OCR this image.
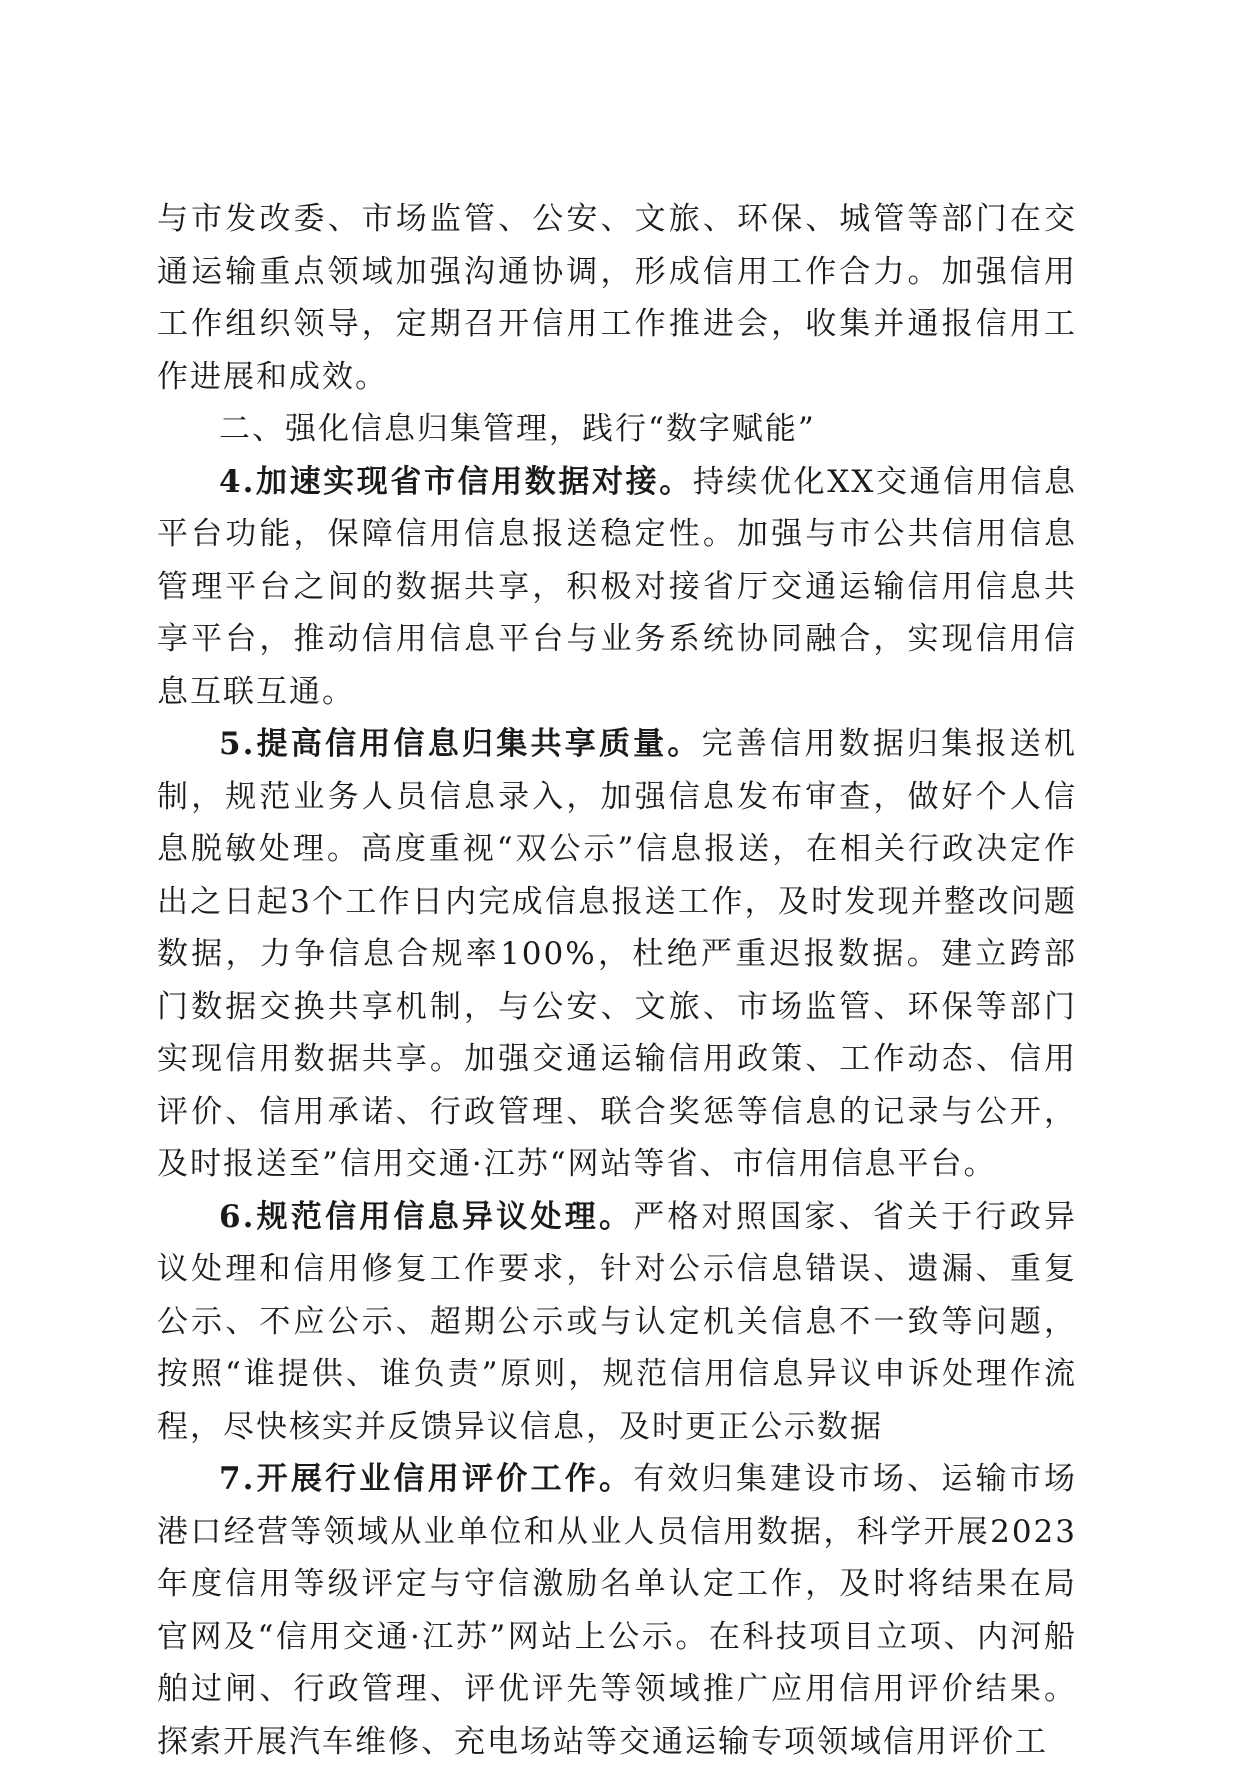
与市发改委、市场监管、公安、文旅、环保、城管等部门在交通运输重点领域加强沟通协调，形成信用工作合力。加强信用工作组织领导，定期召开信用工作推进会，收集并通报信用工作进展和成效。

二、强化信息归集管理，践行“数字赋能”

4.加速实现省市信用数据对接。持续优化XX交通信用信息平台功能，保障信用信息报送稳定性。加强与市公共信用信息管理平台之间的数据共享，积极对接省厅交通运输信用信息共享平台，推动信用信息平台与业务系统协同融合，实现信用信息互联互通。

5.提高信用信息归集共享质量。完善信用数据归集报送机制，规范业务人员信息录入，加强信息发布审查，做好个人信息脱敏处理。高度重视“双公示”信息报送，在相关行政决定作出之日起3个工作日内完成信息报送工作，及时发现并整改问题数据，力争信息合规率100%，杜绝严重迟报数据。建立跨部门数据交换共享机制，与公安、文旅、市场监管、环保等部门实现信用数据共享。加强交通运输信用政策、工作动态、信用评价、信用承诺、行政管理、联合奖惩等信息的记录与公开，及时报送至”信用交通·江苏“网站等省、市信用信息平台。

6.规范信用信息异议处理。严格对照国家、省关于行政异议处理和信用修复工作要求，针对公示信息错误、遗漏、重复公示、不应公示、超期公示或与认定机关信息不一致等问题，按照“谁提供、谁负责”原则，规范信用信息异议申诉处理作流程，尽快核实并反馈异议信息，及时更正公示数据

7.开展行业信用评价工作。有效归集建设市场、运输市场港口经营等领域从业单位和从业人员信用数据，科学开展2023年度信用等级评定与守信激励名单认定工作，及时将结果在局官网及“信用交通·江苏”网站上公示。在科技项目立项、内河船舶过闸、行政管理、评优评先等领域推广应用信用评价结果。探索开展汽车维修、充电场站等交通运输专项领域信用评价工
